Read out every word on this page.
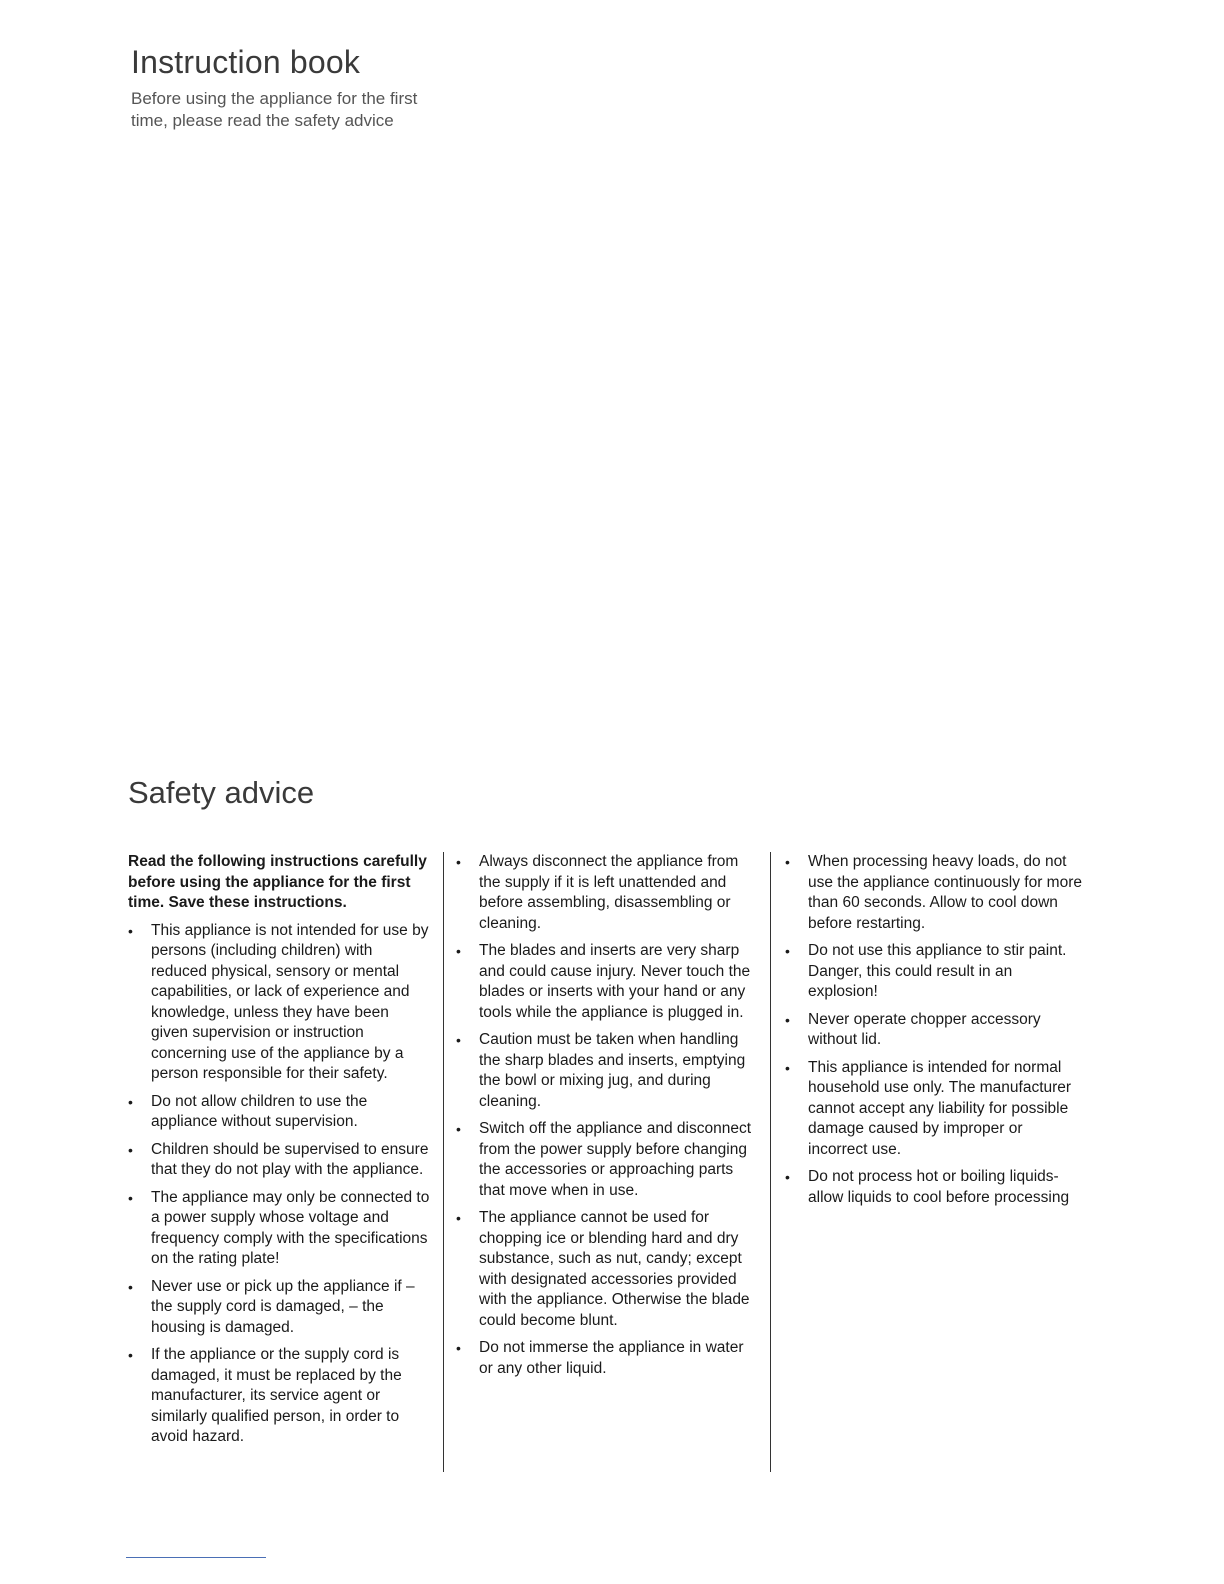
Instruction book
Before using the appliance for the first time, please read the safety advice
Safety advice

Read the following instructions carefully before using the appliance for the first time. Save these instructions.

•	This appliance is not intended for use by persons (including children) with reduced physical, sensory or mental capabilities, or lack of experience and knowledge, unless they have been given supervision or instruction concerning use of the appliance by a person responsible for their safety.
•	Do not allow children to use the appliance without supervision.
•	Children should be supervised to ensure that they do not play with the appliance.
•	The appliance may only be connected to a power supply whose voltage and frequency comply with the specifications on the rating plate!
•	Never use or pick up the appliance if – the supply cord is damaged, – the housing is damaged.
•	If the appliance or the supply cord is damaged, it must be replaced by the manufacturer, its service agent or similarly qualified person, in order to avoid hazard.
•	Always disconnect the appliance from the supply if it is left unattended and before assembling, disassembling or cleaning.
•	The blades and inserts are very sharp and could cause injury. Never touch the blades or inserts with your hand or any tools while the appliance is plugged in.
•	Caution must be taken when handling the sharp blades and inserts, emptying the bowl or mixing jug, and during cleaning.
•	Switch off the appliance and disconnect from the power supply before changing the accessories or approaching parts that move when in use.
•	The appliance cannot be used for chopping ice or blending hard and dry substance, such as nut, candy; except with designated accessories provided with the appliance. Otherwise the blade could become blunt.
•	Do not immerse the appliance in water or any other liquid.
•	When processing heavy loads, do not use the appliance continuously for more than 60 seconds. Allow to cool down before restarting.
•	Do not use this appliance to stir paint. Danger, this could result in an explosion!
•	Never operate chopper accessory without lid.
•	This appliance is intended for normal household use only. The manufacturer cannot accept any liability for possible damage caused by improper or incorrect use.
•	Do not process hot or boiling liquids- allow liquids to cool before processing
